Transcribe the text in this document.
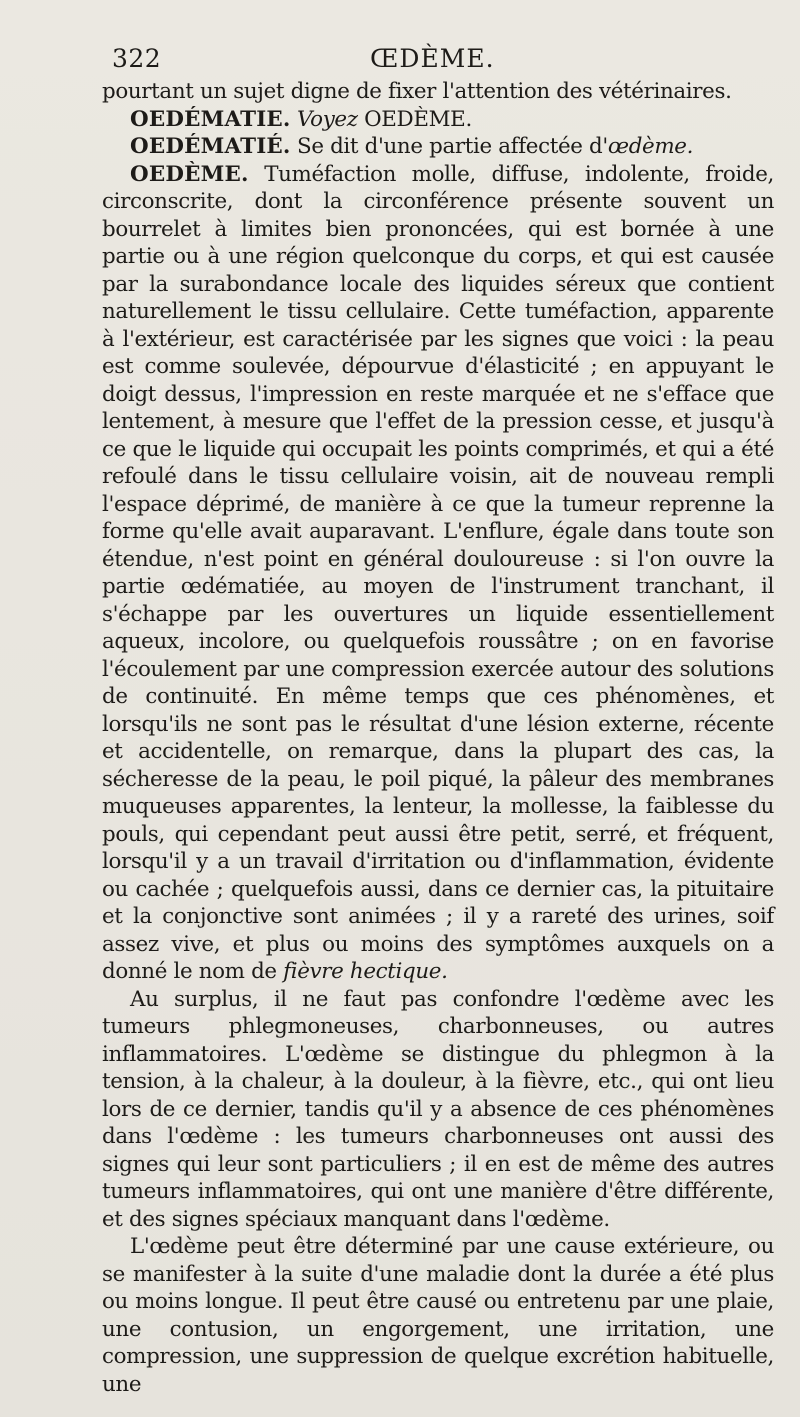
322	ŒDÈME.

pourtant un sujet digne de fixer l'attention des vétérinaires.

OEDÉMATIE. Voyez OEDÈME.

OEDÉMATIÉ. Se dit d'une partie affectée d'œdème.

OEDÈME. Tuméfaction molle, diffuse, indolente, froide, circonscrite, dont la circonférence présente souvent un bourrelet à limites bien prononcées, qui est bornée à une partie ou à une région quelconque du corps, et qui est causée par la surabondance locale des liquides séreux que contient naturellement le tissu cellulaire. Cette tuméfaction, apparente à l'extérieur, est caractérisée par les signes que voici : la peau est comme soulevée, dépourvue d'élasticité ; en appuyant le doigt dessus, l'impression en reste marquée et ne s'efface que lentement, à mesure que l'effet de la pression cesse, et jusqu'à ce que le liquide qui occupait les points comprimés, et qui a été refoulé dans le tissu cellulaire voisin, ait de nouveau rempli l'espace déprimé, de manière à ce que la tumeur reprenne la forme qu'elle avait auparavant. L'enflure, égale dans toute son étendue, n'est point en général douloureuse : si l'on ouvre la partie œdématiée, au moyen de l'instrument tranchant, il s'échappe par les ouvertures un liquide essentiellement aqueux, incolore, ou quelquefois roussâtre ; on en favorise l'écoulement par une compression exercée autour des solutions de continuité. En même temps que ces phénomènes, et lorsqu'ils ne sont pas le résultat d'une lésion externe, récente et accidentelle, on remarque, dans la plupart des cas, la sécheresse de la peau, le poil piqué, la pâleur des membranes muqueuses apparentes, la lenteur, la mollesse, la faiblesse du pouls, qui cependant peut aussi être petit, serré, et fréquent, lorsqu'il y a un travail d'irritation ou d'inflammation, évidente ou cachée ; quelquefois aussi, dans ce dernier cas, la pituitaire et la conjonctive sont animées ; il y a rareté des urines, soif assez vive, et plus ou moins des symptômes auxquels on a donné le nom de fièvre hectique.

Au surplus, il ne faut pas confondre l'œdème avec les tumeurs phlegmoneuses, charbonneuses, ou autres inflammatoires. L'œdème se distingue du phlegmon à la tension, à la chaleur, à la douleur, à la fièvre, etc., qui ont lieu lors de ce dernier, tandis qu'il y a absence de ces phénomènes dans l'œdème : les tumeurs charbonneuses ont aussi des signes qui leur sont particuliers ; il en est de même des autres tumeurs inflammatoires, qui ont une manière d'être différente, et des signes spéciaux manquant dans l'œdème.

L'œdème peut être déterminé par une cause extérieure, ou se manifester à la suite d'une maladie dont la durée a été plus ou moins longue. Il peut être causé ou entretenu par une plaie, une contusion, un engorgement, une irritation, une compression, une suppression de quelque excrétion habituelle, une
